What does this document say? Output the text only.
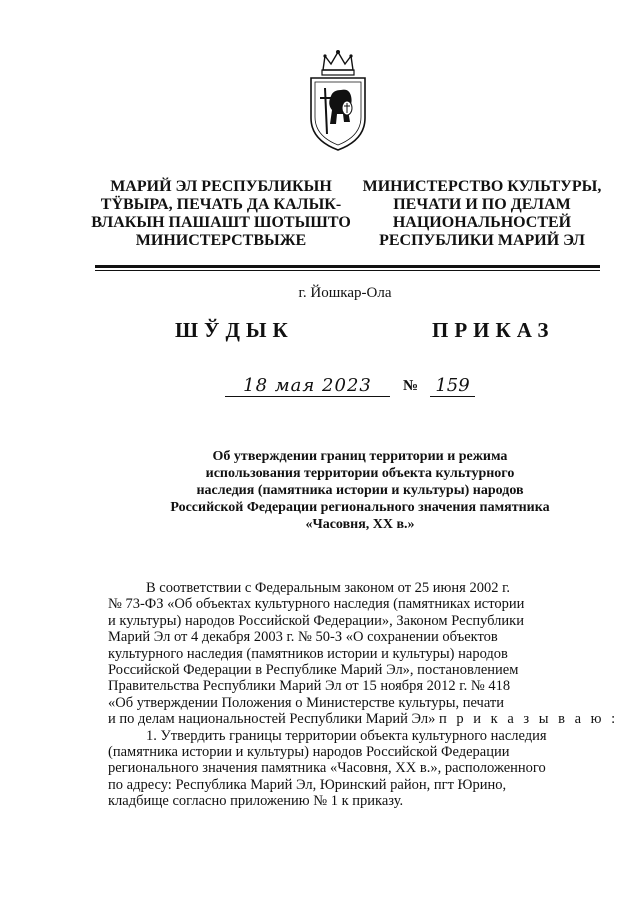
МАРИЙ ЭЛ РЕСПУБЛИКЫН
ТŸВЫРА, ПЕЧАТЬ ДА КАЛЫК-
ВЛАКЫН ПАШАШТ ШОТЫШТО
МИНИСТЕРСТВЫЖЕ
МИНИСТЕРСТВО КУЛЬТУРЫ,
ПЕЧАТИ И ПО ДЕЛАМ
НАЦИОНАЛЬНОСТЕЙ
РЕСПУБЛИКИ МАРИЙ ЭЛ
г. Йошкар-Ола
ШЎДЫК	ПРИКАЗ
18 мая 2023	№ 159
Об утверждении границ территории и режима
использования территории объекта культурного
наследия (памятника истории и культуры) народов
Российской Федерации регионального значения памятника
«Часовня, XX в.»
В соответствии с Федеральным законом от 25 июня 2002 г.
№ 73-ФЗ «Об объектах культурного наследия (памятниках истории
и культуры) народов Российской Федерации», Законом Республики
Марий Эл от 4 декабря 2003 г. № 50-З «О сохранении объектов
культурного наследия (памятников истории и культуры) народов
Российской Федерации в Республике Марий Эл», постановлением
Правительства Республики Марий Эл от 15 ноября 2012 г. № 418
«Об утверждении Положения о Министерстве культуры, печати
и по делам национальностей Республики Марий Эл» п р и к а з ы в а ю :
1. Утвердить границы территории объекта культурного наследия
(памятника истории и культуры) народов Российской Федерации
регионального значения памятника «Часовня, XX в.», расположенного
по адресу: Республика Марий Эл, Юринский район, пгт Юрино,
кладбище согласно приложению № 1 к приказу.
